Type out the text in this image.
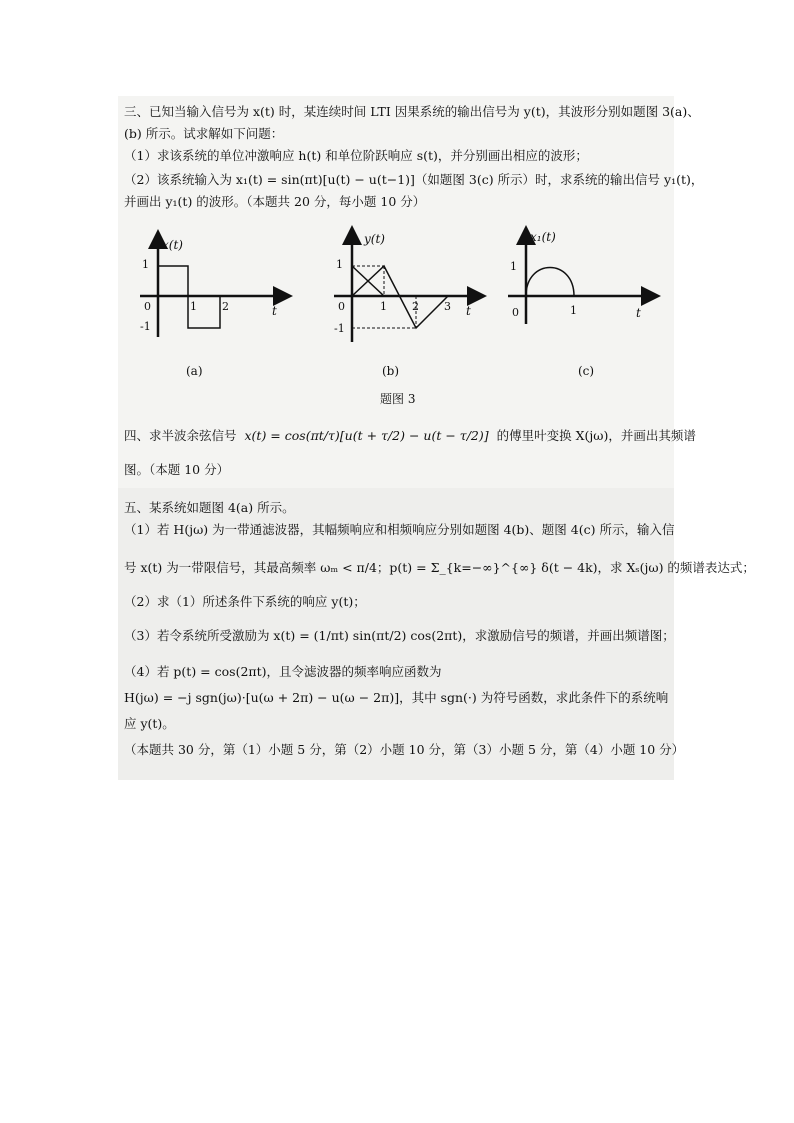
三、已知当输入信号为 x(t) 时，某连续时间 LTI 因果系统的输出信号为 y(t)，其波形分别如题图 3(a)、
(b) 所示。试求解如下问题：
（1）求该系统的单位冲激响应 h(t) 和单位阶跃响应 s(t)，并分别画出相应的波形；
（2）该系统输入为 x₁(t) = sin(πt)[u(t) − u(t−1)]（如题图 3(c) 所示）时，求系统的输出信号 y₁(t)，
并画出 y₁(t) 的波形。（本题共 20 分，每小题 10 分）
x(t)
1
-1
0	1 2	t
(a)
y(t)
1
-1
0	1 2 3 t
(b)
x₁(t)
1
0	1	t
(c)
题图 3
四、求半波余弦信号 x(t) = cos(πt/τ)[u(t + τ/2) − u(t − τ/2)] 的傅里叶变换 X(jω)，并画出其频谱
图。（本题 10 分）
五、某系统如题图 4(a) 所示。
（1）若 H(jω) 为一带通滤波器，其幅频响应和相频响应分别如题图 4(b)、题图 4(c) 所示，输入信
号 x(t) 为一带限信号，其最高频率 ωₘ < π/4；p(t) = Σ_{k=−∞}^{∞} δ(t − 4k)，求 Xₛ(jω) 的频谱表达式；
（2）求（1）所述条件下系统的响应 y(t)；
（3）若令系统所受激励为 x(t) = (1/πt) sin(πt/2) cos(2πt)，求激励信号的频谱，并画出频谱图；
（4）若 p(t) = cos(2πt)，且令滤波器的频率响应函数为
H(jω) = −j sgn(jω)·[u(ω + 2π) − u(ω − 2π)]，其中 sgn(·) 为符号函数，求此条件下的系统响
应 y(t)。
（本题共 30 分，第（1）小题 5 分，第（2）小题 10 分，第（3）小题 5 分，第（4）小题 10 分）
